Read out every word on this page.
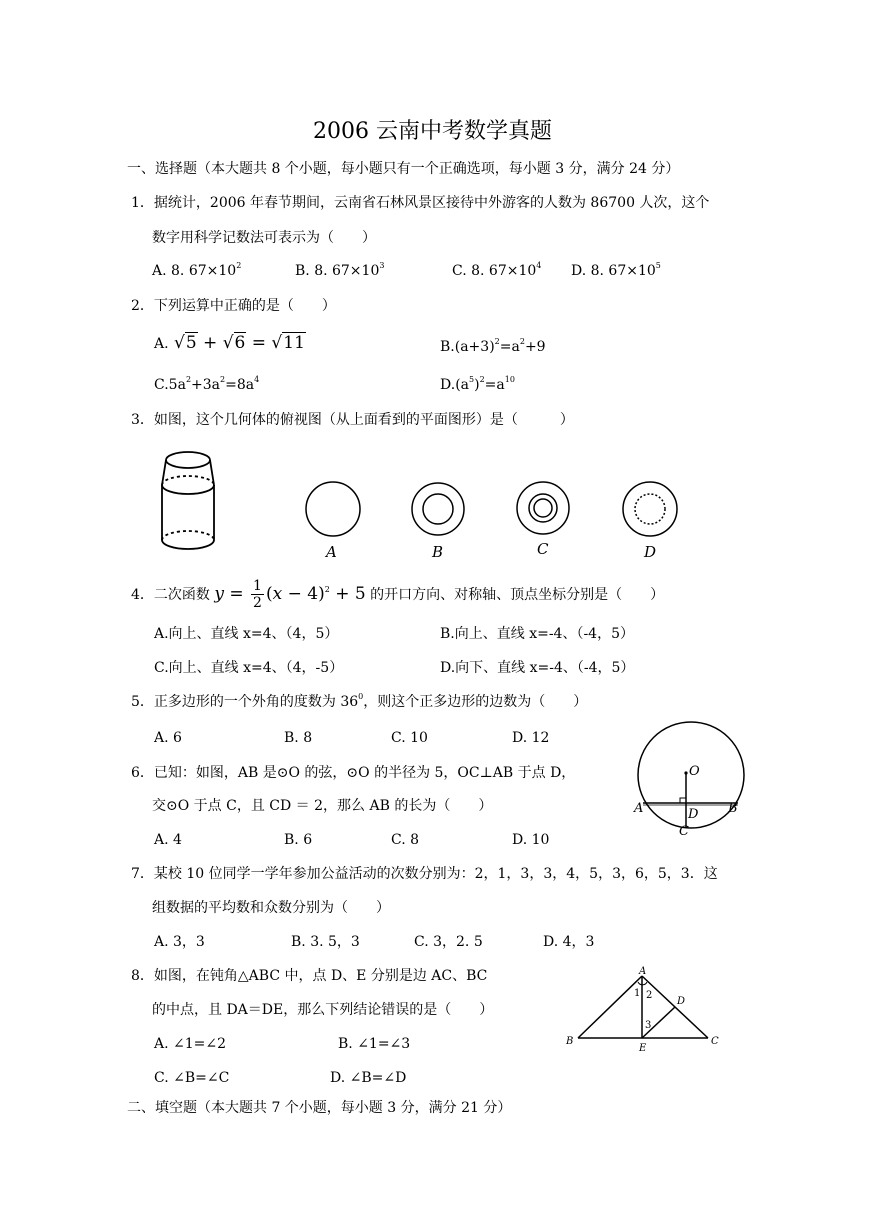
2006 云南中考数学真题
一、选择题（本大题共 8 个小题，每小题只有一个正确选项，每小题 3 分，满分 24 分）
1．据统计，2006 年春节期间，云南省石林风景区接待中外游客的人数为 86700 人次，这个
数字用科学记数法可表示为（　　）
A. 8. $67\times 10^2$	B. 8. $67\times 10^3$	C. 8. $67\times 10^4$ D. 8. $67\times 10^5$
2．下列运算中正确的是（　　）
A. √5 + √6 = √11	$B.(a+3)^2=a^2+9$
$C.5a^2+3a^2=8a^4$	$D.(a^5)^2=a^{10}$
3．如图，这个几何体的俯视图（从上面看到的平面图形）是（　　　）
A	B	C	D
4．二次函数 $y = \frac{1}{2} (x - 4)^2 + 5$ 的开口方向、对称轴、顶点坐标分别是（　　）
A.向上、直线 x=4、（4，5）	B.向上、直线 x=-4、（-4，5）
C.向上、直线 x=4、（4，-5）	D.向下、直线 x=-4、（-4，5）
5．正多边形的一个外角的度数为 $36^0$，则这个正多边形的边数为（　　）
A. 6	B. 8	C. 10	D. 12
6．已知：如图，AB 是⊙O 的弦，⊙O 的半径为 5，OC⊥AB 于点 D，
交⊙O 于点 C，且 CD ＝ 2，那么 AB 的长为（　　）
A. 4	B. 6	C. 8	D. 10
O
A	B
D
C
7．某校 10 位同学一学年参加公益活动的次数分别为：2，1，3，3，4，5，3，6，5，3．这
组数据的平均数和众数分别为（　　）
A. 3，3	B. 3. 5，3	C. 3，2. 5	D. 4，3
8．如图，在钝角△ABC 中，点 D、E 分别是边 AC、BC
的中点，且 DA＝DE，那么下列结论错误的是（　　）
A. ∠1=∠2	B. ∠1=∠3
C. ∠B=∠C	D. ∠B=∠D
A
B	C
D
E
1 2
3
二、填空题（本大题共 7 个小题，每小题 3 分，满分 21 分）
